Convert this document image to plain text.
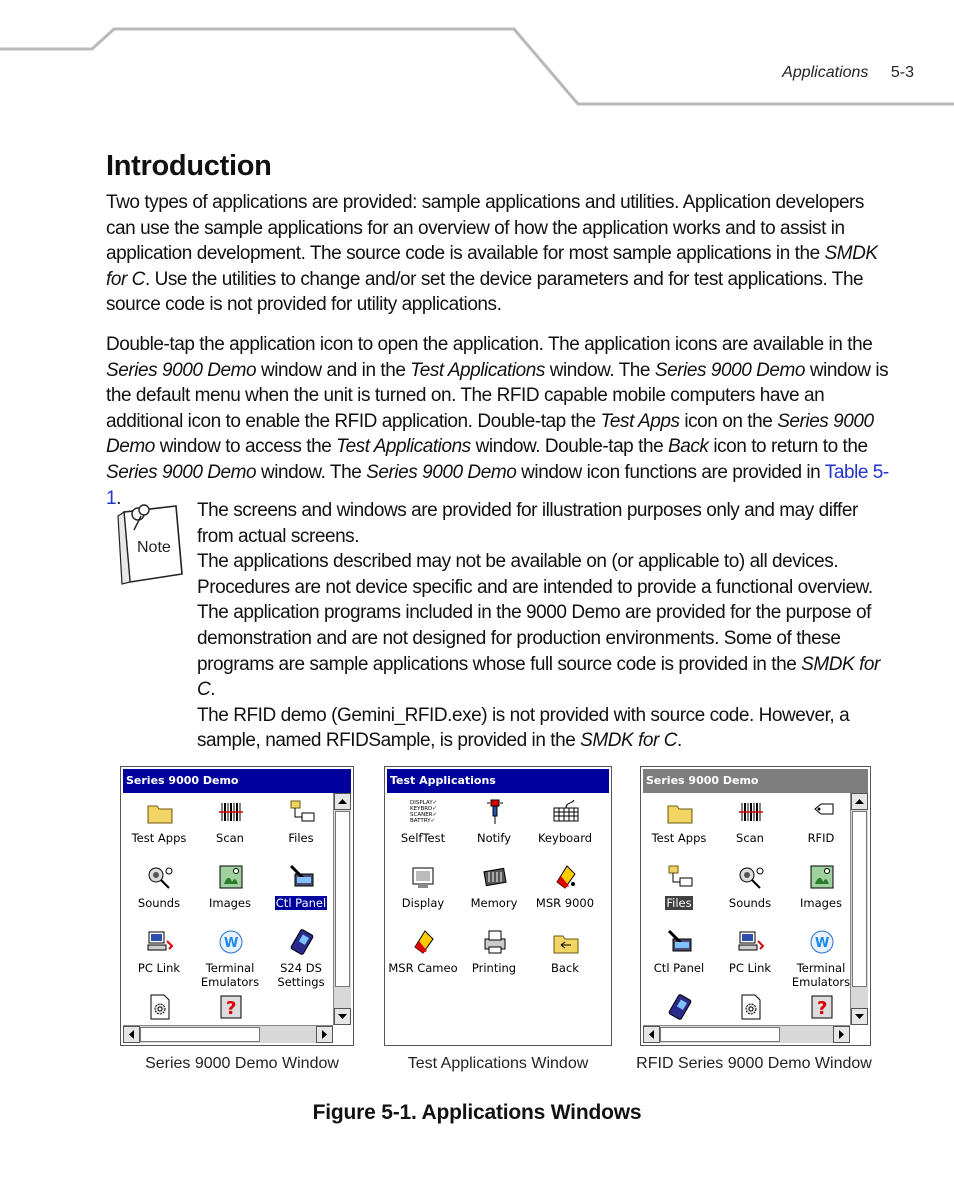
Applications 5-3
Introduction

Two types of applications are provided: sample applications and utilities. Application developers can use the sample applications for an overview of how the application works and to assist in application development. The source code is available for most sample applications in the SMDK for C. Use the utilities to change and/or set the device parameters and for test applications. The source code is not provided for utility applications.

Double-tap the application icon to open the application. The application icons are available in the Series 9000 Demo window and in the Test Applications window. The Series 9000 Demo window is the default menu when the unit is turned on. The RFID capable mobile computers have an additional icon to enable the RFID application. Double-tap the Test Apps icon on the Series 9000 Demo window to access the Test Applications window. Double-tap the Back icon to return to the Series 9000 Demo window. The Series 9000 Demo window icon functions are provided in Table 5-1.

Note

The screens and windows are provided for illustration purposes only and may differ from actual screens.

The applications described may not be available on (or applicable to) all devices. Procedures are not device specific and are intended to provide a functional overview.

The application programs included in the 9000 Demo are provided for the purpose of demonstration and are not designed for production environments. Some of these programs are sample applications whose full source code is provided in the SMDK for C.

The RFID demo (Gemini_RFID.exe) is not provided with source code. However, a sample, named RFIDSample, is provided in the SMDK for C.

Series 9000 Demo
Test Apps	Scan	Files
Sounds	Images	Ctl Panel
PC Link
W
Terminal Emulators
S24 DS Settings
?
Test Applications
DISPLAY✓
KEYBRD✓
SCANER✓
BATTRY✓
SelfTest	Notify	Keyboard
Display	Memory	MSR 9000
MSR Cameo	Printing	Back
Series 9000 Demo
Test Apps	Scan	RFID
Files	Sounds	Images
Ctl Panel	PC Link
W
Terminal Emulators
?
Series 9000 Demo Window	Test Applications Window	RFID Series 9000 Demo Window
Figure 5-1. Applications Windows
